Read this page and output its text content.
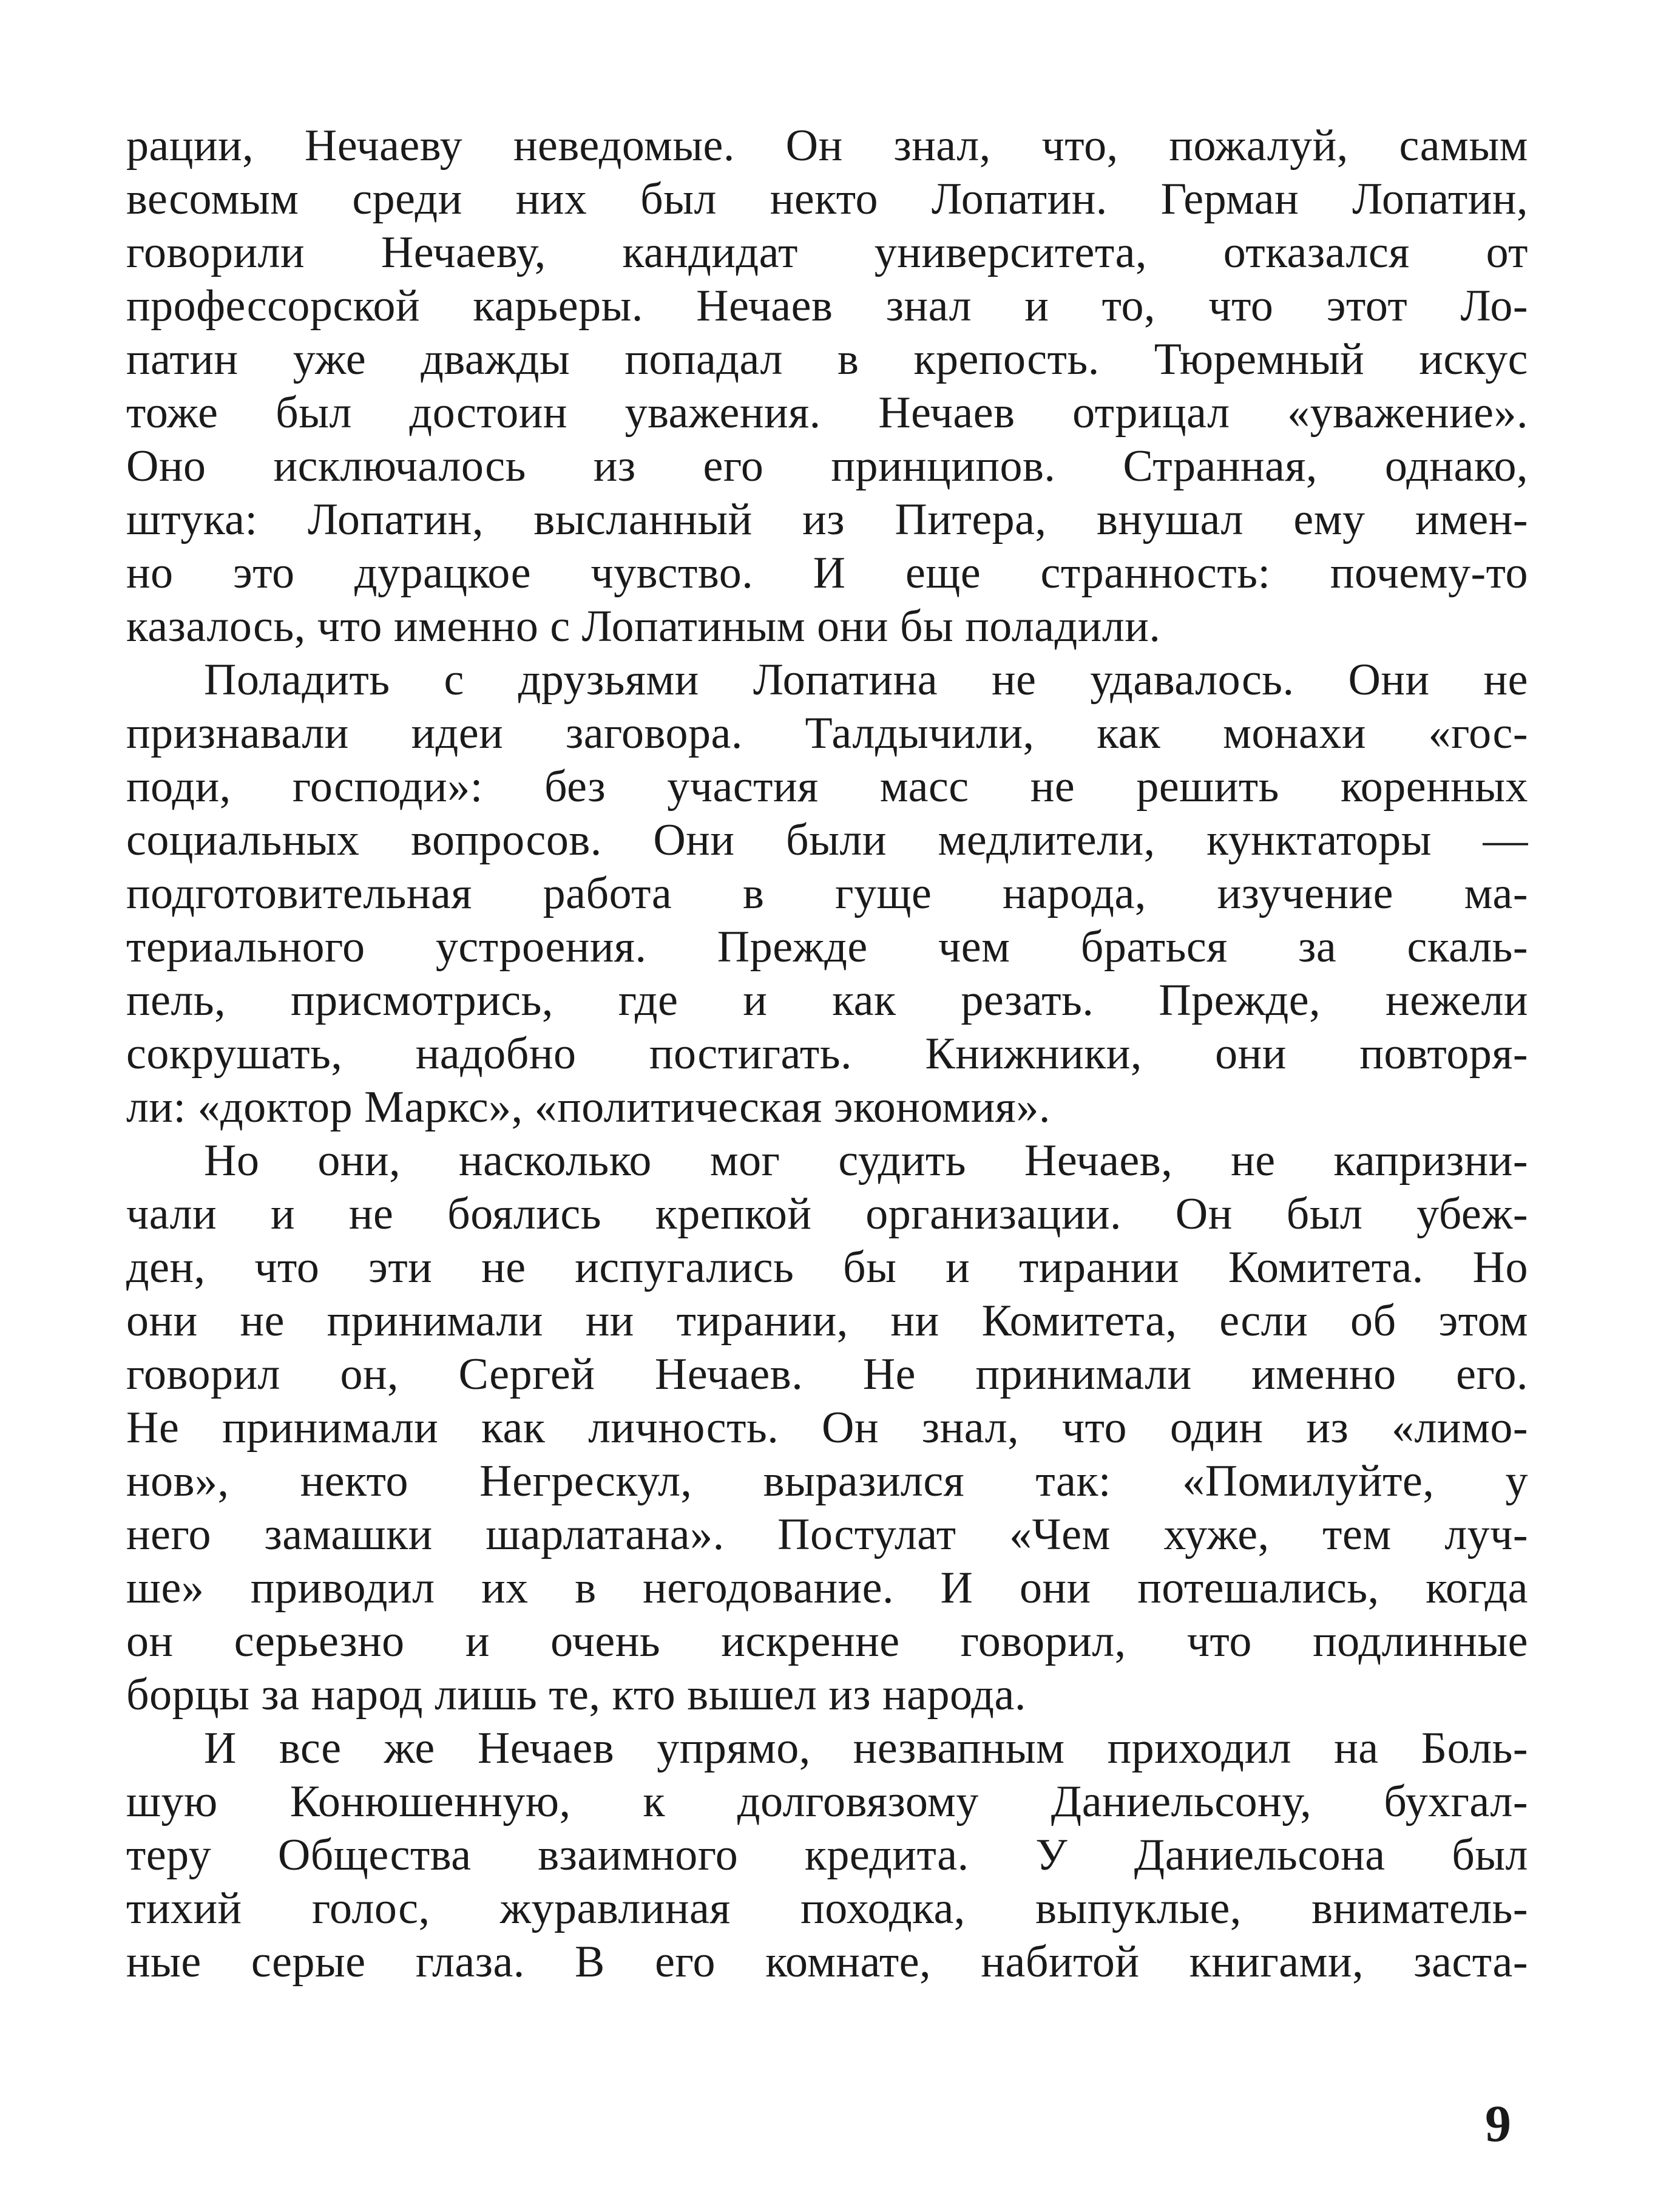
рации, Нечаеву неведомые. Он знал, что, пожалуй, самым
весомым среди них был некто Лопатин. Герман Лопатин,
говорили Нечаеву, кандидат университета, отказался от
профессорской карьеры. Нечаев знал и то, что этот Ло-
патин уже дважды попадал в крепость. Тюремный искус
тоже был достоин уважения. Нечаев отрицал «уважение».
Оно исключалось из его принципов. Странная, однако,
штука: Лопатин, высланный из Питера, внушал ему имен-
но это дурацкое чувство. И еще странность: почему-то
казалось, что именно с Лопатиным они бы поладили.
Поладить с друзьями Лопатина не удавалось. Они не
признавали идеи заговора. Талдычили, как монахи «гос-
поди, господи»: без участия масс не решить коренных
социальных вопросов. Они были медлители, кунктаторы —
подготовительная работа в гуще народа, изучение ма-
териального устроения. Прежде чем браться за скаль-
пель, присмотрись, где и как резать. Прежде, нежели
сокрушать, надобно постигать. Книжники, они повторя-
ли: «доктор Маркс», «политическая экономия».
Но они, насколько мог судить Нечаев, не капризни-
чали и не боялись крепкой организации. Он был убеж-
ден, что эти не испугались бы и тирании Комитета. Но
они не принимали ни тирании, ни Комитета, если об этом
говорил он, Сергей Нечаев. Не принимали именно его.
Не принимали как личность. Он знал, что один из «лимо-
нов», некто Негрескул, выразился так: «Помилуйте, у
него замашки шарлатана». Постулат «Чем хуже, тем луч-
ше» приводил их в негодование. И они потешались, когда
он серьезно и очень искренне говорил, что подлинные
борцы за народ лишь те, кто вышел из народа.
И все же Нечаев упрямо, незвапным приходил на Боль-
шую Конюшенную, к долговязому Даниельсону, бухгал-
теру Общества взаимного кредита. У Даниельсона был
тихий голос, журавлиная походка, выпуклые, вниматель-
ные серые глаза. В его комнате, набитой книгами, заста-
9
